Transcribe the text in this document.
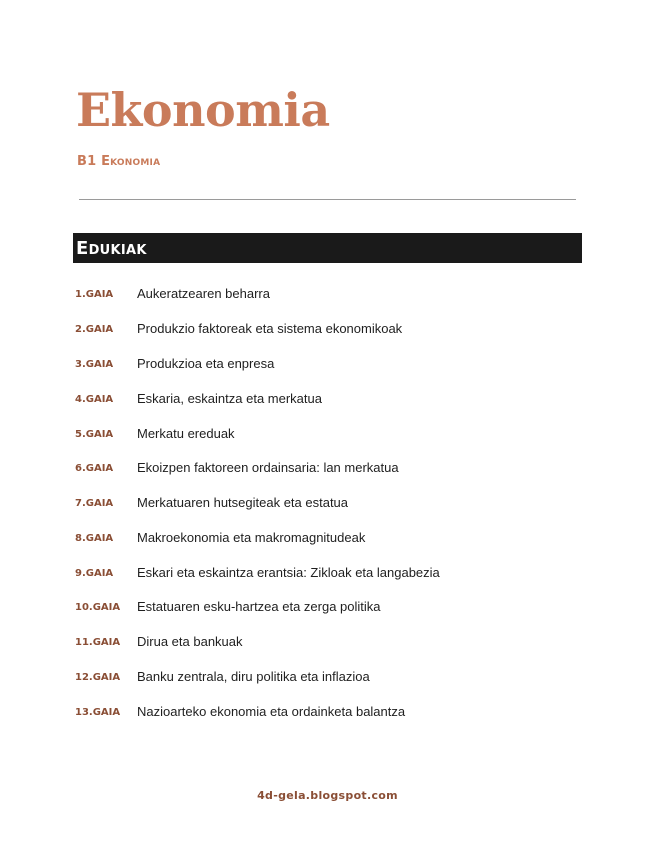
Ekonomia
B1 Ekonomia
Edukiak
1.GAIA Aukeratzearen beharra
2.GAIA Produkzio faktoreak eta sistema ekonomikoak
3.GAIA Produkzioa eta enpresa
4.GAIA Eskaria, eskaintza eta merkatua
5.GAIA Merkatu ereduak
6.GAIA Ekoizpen faktoreen ordainsaria: lan merkatua
7.GAIA Merkatuaren hutsegiteak eta estatua
8.GAIA Makroekonomia eta makromagnitudeak
9.GAIA Eskari eta eskaintza erantsia: Zikloak eta langabezia
10.GAIA Estatuaren esku-hartzea eta zerga politika
11.GAIA Dirua eta bankuak
12.GAIA Banku zentrala, diru politika eta inflazioa
13.GAIA Nazioarteko ekonomia eta ordainketa balantza
4d-gela.blogspot.com
